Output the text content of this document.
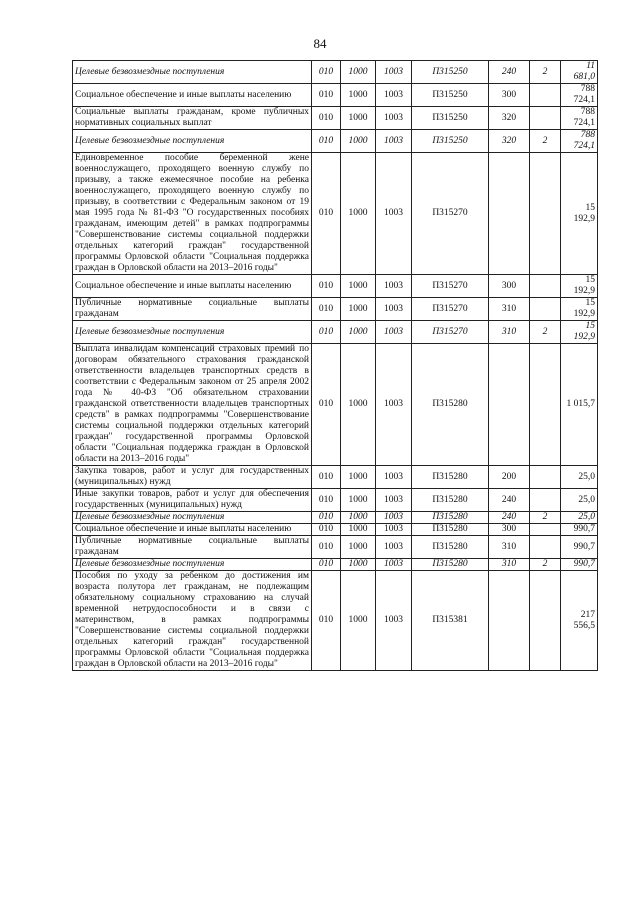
84
Целевые безвозмездные поступления	010	1000	1003	П315250	240	2	11 681,0
Социальное обеспечение и иные выплаты населению	010	1000	1003	П315250	300		788 724,1
Социальные выплаты гражданам, кроме публичных нормативных социальных выплат	010	1000	1003	П315250	320		788 724,1
Целевые безвозмездные поступления	010	1000	1003	П315250	320	2	788 724,1
Единовременное пособие беременной жене военнослужащего, проходящего военную службу по призыву, а также ежемесячное пособие на ребенка военнослужащего, проходящего военную службу по призыву, в соответствии с Федеральным законом от 19 мая 1995 года № 81-ФЗ "О государственных пособиях гражданам, имеющим детей" в рамках подпрограммы "Совершенствование системы социальной поддержки отдельных категорий граждан" государственной программы Орловской области "Социальная поддержка граждан в Орловской области на 2013–2016 годы"	010	1000	1003	П315270			15 192,9
Социальное обеспечение и иные выплаты населению	010	1000	1003	П315270	300		15 192,9
Публичные нормативные социальные выплаты гражданам	010	1000	1003	П315270	310		15 192,9
Целевые безвозмездные поступления	010	1000	1003	П315270	310	2	15 192,9
Выплата инвалидам компенсаций страховых премий по договорам обязательного страхования гражданской ответственности владельцев транспортных средств в соответствии с Федеральным законом от 25 апреля 2002 года № 40-ФЗ "Об обязательном страховании гражданской ответственности владельцев транспортных средств" в рамках подпрограммы "Совершенствование системы социальной поддержки отдельных категорий граждан" государственной программы Орловской области "Социальная поддержка граждан в Орловской области на 2013–2016 годы"	010	1000	1003	П315280			1 015,7
Закупка товаров, работ и услуг для государственных (муниципальных) нужд	010	1000	1003	П315280	200		25,0
Иные закупки товаров, работ и услуг для обеспечения государственных (муниципальных) нужд	010	1000	1003	П315280	240		25,0
Целевые безвозмездные поступления	010	1000	1003	П315280	240	2	25,0
Социальное обеспечение и иные выплаты населению	010	1000	1003	П315280	300		990,7
Публичные нормативные социальные выплаты гражданам	010	1000	1003	П315280	310		990,7
Целевые безвозмездные поступления	010	1000	1003	П315280	310	2	990,7
Пособия по уходу за ребенком до достижения им возраста полутора лет гражданам, не подлежащим обязательному социальному страхованию на случай временной нетрудоспособности и в связи с материнством, в рамках подпрограммы "Совершенствование системы социальной поддержки отдельных категорий граждан" государственной программы Орловской области "Социальная поддержка граждан в Орловской области на 2013–2016 годы"	010	1000	1003	П315381			217 556,5
